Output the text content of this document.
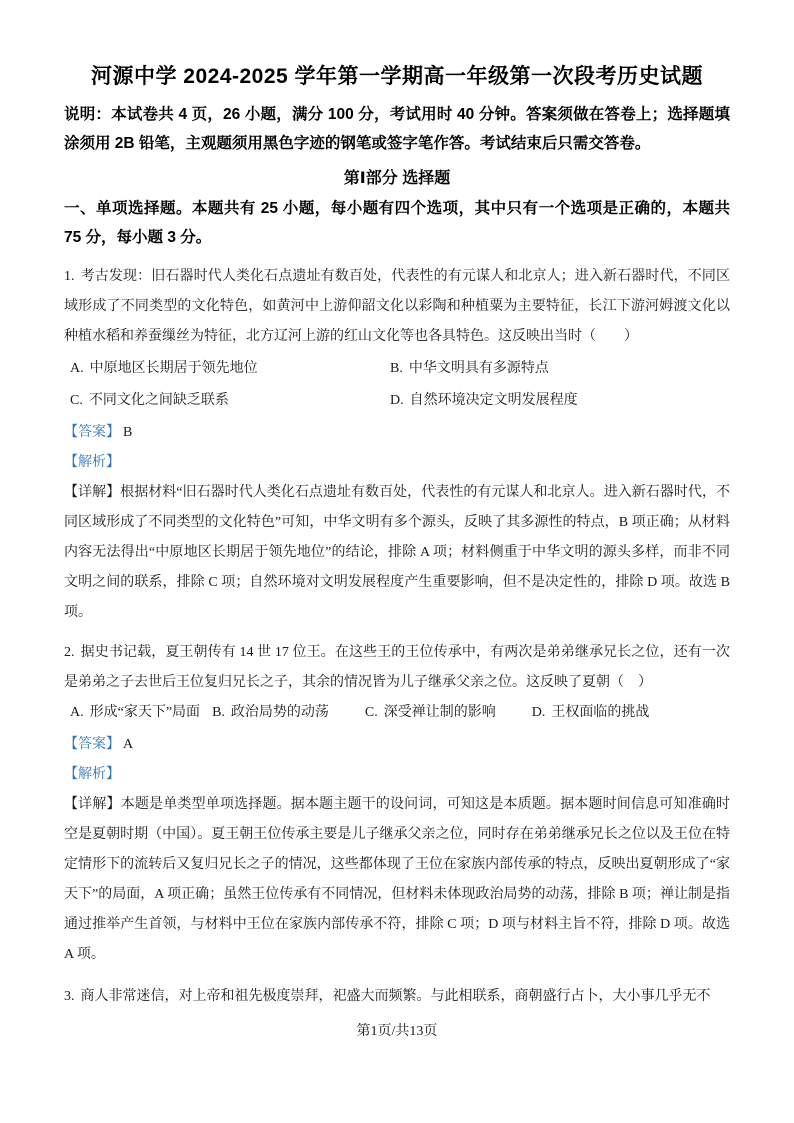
河源中学 2024-2025 学年第一学期高一年级第一次段考历史试题

说明：本试卷共 4 页，26 小题，满分 100 分，考试用时 40 分钟。答案须做在答卷上；选择题填涂须用 2B 铅笔，主观题须用黑色字迹的钢笔或签字笔作答。考试结束后只需交答卷。

第Ⅰ部分 选择题

一、单项选择题。本题共有 25 小题，每小题有四个选项，其中只有一个选项是正确的，本题共 75 分，每小题 3 分。

1. 考古发现：旧石器时代人类化石点遗址有数百处，代表性的有元谋人和北京人；进入新石器时代，不同区域形成了不同类型的文化特色，如黄河中上游仰韶文化以彩陶和种植粟为主要特征，长江下游河姆渡文化以种植水稻和养蚕缫丝为特征，北方辽河上游的红山文化等也各具特色。这反映出当时（　　）

A. 中原地区长期居于领先地位	B. 中华文明具有多源特点
C. 不同文化之间缺乏联系	D. 自然环境决定文明发展程度

【答案】 B

【解析】

【详解】根据材料“旧石器时代人类化石点遗址有数百处，代表性的有元谋人和北京人。进入新石器时代，不同区域形成了不同类型的文化特色”可知，中华文明有多个源头，反映了其多源性的特点，B 项正确；从材料内容无法得出“中原地区长期居于领先地位”的结论，排除 A 项；材料侧重于中华文明的源头多样，而非不同文明之间的联系，排除 C 项；自然环境对文明发展程度产生重要影响，但不是决定性的，排除 D 项。故选 B 项。

2. 据史书记载，夏王朝传有 14 世 17 位王。在这些王的王位传承中，有两次是弟弟继承兄长之位，还有一次是弟弟之子去世后王位复归兄长之子，其余的情况皆为儿子继承父亲之位。这反映了夏朝（　）

A. 形成“家天下”局面 B. 政治局势的动荡	C. 深受禅让制的影响	D. 王权面临的挑战

【答案】 A

【解析】

【详解】本题是单类型单项选择题。据本题主题干的设问词，可知这是本质题。据本题时间信息可知准确时空是夏朝时期（中国）。夏王朝王位传承主要是儿子继承父亲之位，同时存在弟弟继承兄长之位以及王位在特定情形下的流转后又复归兄长之子的情况，这些都体现了王位在家族内部传承的特点，反映出夏朝形成了“家天下”的局面，A 项正确；虽然王位传承有不同情况，但材料未体现政治局势的动荡，排除 B 项；禅让制是指通过推举产生首领，与材料中王位在家族内部传承不符，排除 C 项；D 项与材料主旨不符，排除 D 项。故选 A 项。

3. 商人非常迷信，对上帝和祖先极度崇拜，祀盛大而频繁。与此相联系，商朝盛行占卜，大小事几乎无不

第1页/共13页
